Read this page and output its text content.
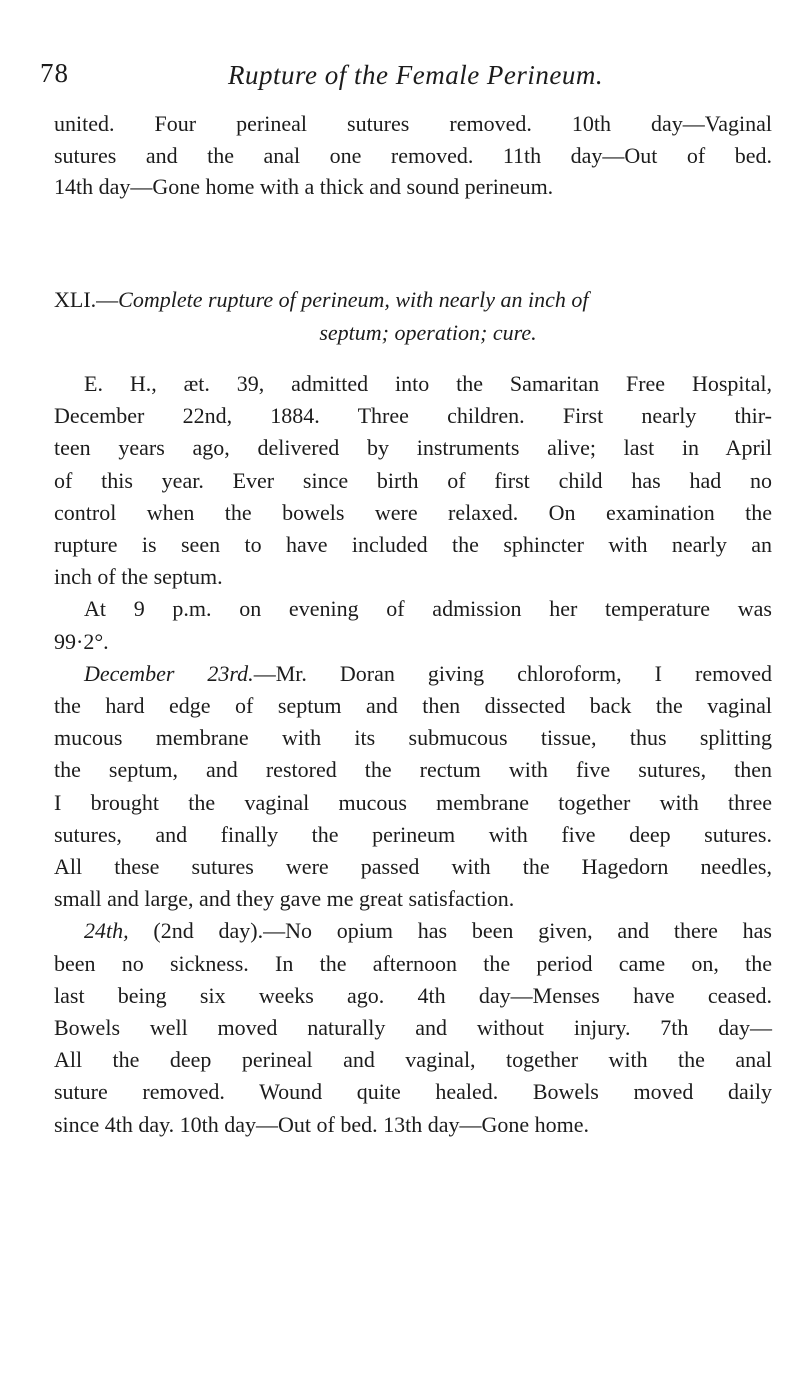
78	Rupture of the Female Perineum.
united. Four perineal sutures removed. 10th day—Vaginal
sutures and the anal one removed. 11th day—Out of bed.
14th day—Gone home with a thick and sound perineum.
XLI.—Complete rupture of perineum, with nearly an inch of
septum; operation; cure.
E. H., æt. 39, admitted into the Samaritan Free Hospital,
December 22nd, 1884. Three children. First nearly thir-
teen years ago, delivered by instruments alive; last in April
of this year. Ever since birth of first child has had no
control when the bowels were relaxed. On examination the
rupture is seen to have included the sphincter with nearly an
inch of the septum.
At 9 p.m. on evening of admission her temperature was
99·2°.
December 23rd.—Mr. Doran giving chloroform, I removed
the hard edge of septum and then dissected back the vaginal
mucous membrane with its submucous tissue, thus splitting
the septum, and restored the rectum with five sutures, then
I brought the vaginal mucous membrane together with three
sutures, and finally the perineum with five deep sutures.
All these sutures were passed with the Hagedorn needles,
small and large, and they gave me great satisfaction.
24th, (2nd day).—No opium has been given, and there has
been no sickness. In the afternoon the period came on, the
last being six weeks ago. 4th day—Menses have ceased.
Bowels well moved naturally and without injury. 7th day—
All the deep perineal and vaginal, together with the anal
suture removed. Wound quite healed. Bowels moved daily
since 4th day. 10th day—Out of bed. 13th day—Gone home.
